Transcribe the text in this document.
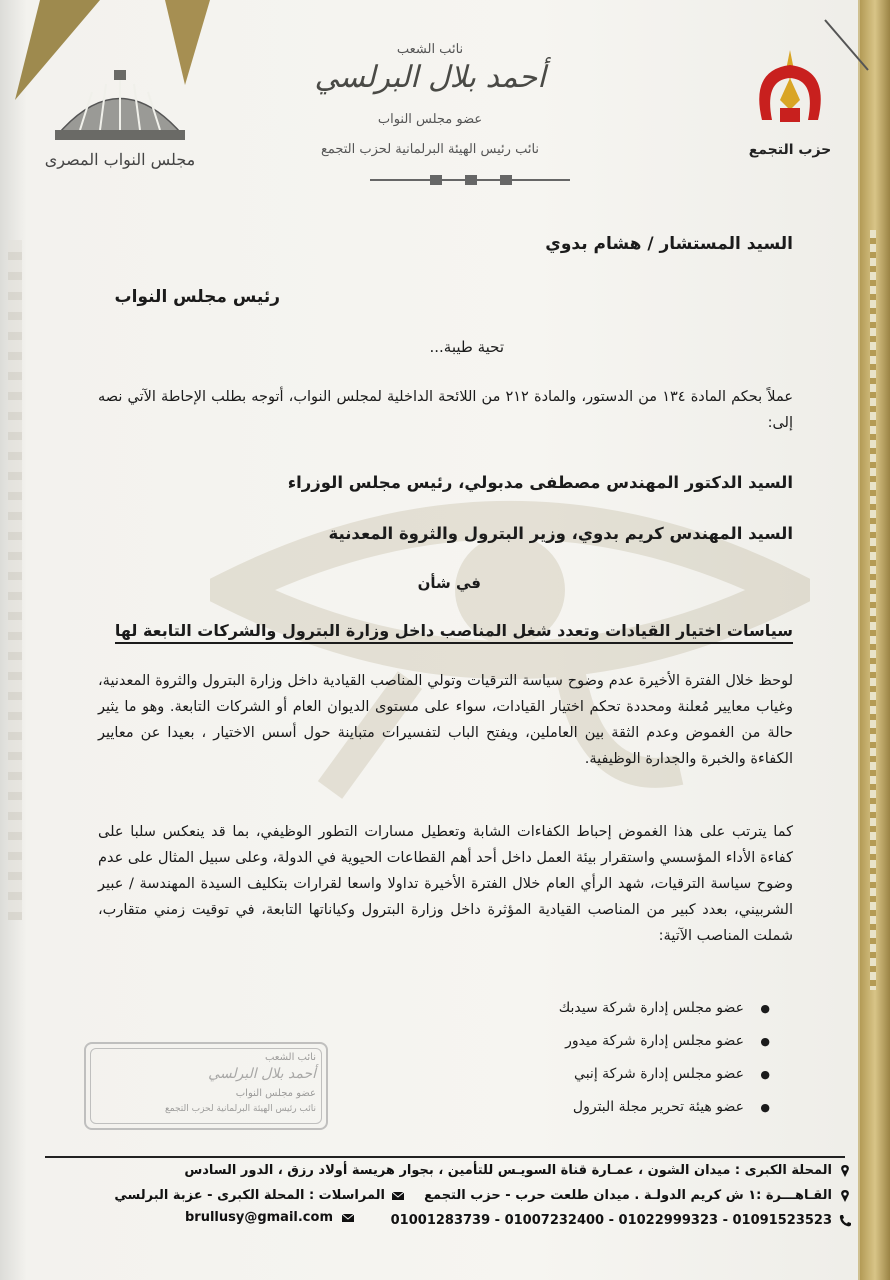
مجلس النواب المصرى	حزب التجمع
نائب الشعب
أحمد بلال البرلسي
عضو مجلس النواب
نائب رئيس الهيئة البرلمانية لحزب التجمع
السيد المستشار / هشام بدوي
رئيس مجلس النواب
تحية طيبة...
عملاً بحكم المادة ١٣٤ من الدستور، والمادة ٢١٢ من اللائحة الداخلية لمجلس النواب، أتوجه بطلب الإحاطة الآتي نصه إلى:
السيد الدكتور المهندس مصطفى مدبولي، رئيس مجلس الوزراء
السيد المهندس كريم بدوي، وزير البترول والثروة المعدنية
في شأن
سياسات اختيار القيادات وتعدد شغل المناصب داخل وزارة البترول والشركات التابعة لها
لوحظ خلال الفترة الأخيرة عدم وضوح سياسة الترقيات وتولي المناصب القيادية داخل وزارة البترول والثروة المعدنية، وغياب معايير مُعلنة ومحددة تحكم اختيار القيادات، سواء على مستوى الديوان العام أو الشركات التابعة. وهو ما يثير حالة من الغموض وعدم الثقة بين العاملين، ويفتح الباب لتفسيرات متباينة حول أسس الاختيار ، بعيدا عن معايير الكفاءة والخبرة والجدارة الوظيفية.
كما يترتب على هذا الغموض إحباط الكفاءات الشابة وتعطيل مسارات التطور الوظيفي، بما قد ينعكس سلبا على كفاءة الأداء المؤسسي واستقرار بيئة العمل داخل أحد أهم القطاعات الحيوية في الدولة، وعلى سبيل المثال على عدم وضوح سياسة الترقيات، شهد الرأي العام خلال الفترة الأخيرة تداولا واسعا لقرارات بتكليف السيدة المهندسة / عبير الشربيني، بعدد كبير من المناصب القيادية المؤثرة داخل وزارة البترول وكياناتها التابعة، في توقيت زمني متقارب، شملت المناصب الآتية:
● عضو مجلس إدارة شركة سيدبك
● عضو مجلس إدارة شركة ميدور
● عضو مجلس إدارة شركة إنبي
● عضو هيئة تحرير مجلة البترول
نائب الشعب
أحمد بلال البرلسي
عضو مجلس النواب
نائب رئيس الهيئة البرلمانية لحزب التجمع
المحلة الكبرى : ميدان الشون ، عمـارة قناة السويـس للتأمين ، بجوار هريسة أولاد رزق ، الدور السادس
القـاهـــرة :١ ش كريم الدولـة . ميدان طلعت حرب - حزب التجمع
المراسلات : المحلة الكبرى - عزبة البرلسي
01091523523 - 01022999323 - 01007232400 - 01001283739
brullusy@gmail.com
